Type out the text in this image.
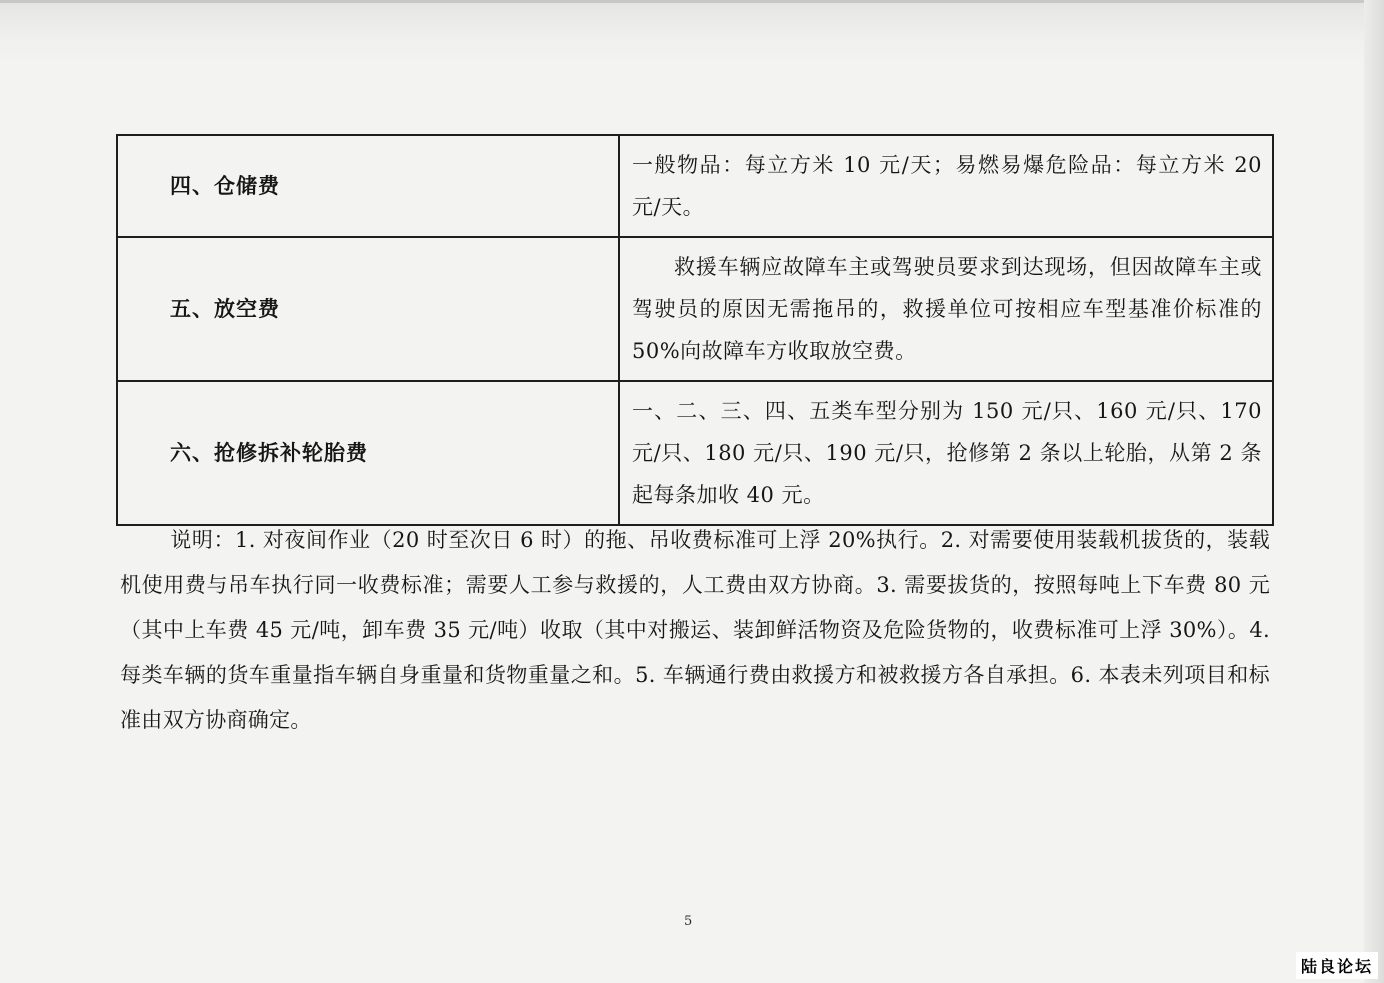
四、仓储费	一般物品：每立方米 10 元/天；易燃易爆危险品：每立方米 20 元/天。
五、放空费	救援车辆应故障车主或驾驶员要求到达现场，但因故障车主或驾驶员的原因无需拖吊的，救援单位可按相应车型基准价标准的 50%向故障车方收取放空费。
六、抢修拆补轮胎费	一、二、三、四、五类车型分别为 150 元/只、160 元/只、170 元/只、180 元/只、190 元/只，抢修第 2 条以上轮胎，从第 2 条起每条加收 40 元。
说明：1. 对夜间作业（20 时至次日 6 时）的拖、吊收费标准可上浮 20%执行。2. 对需要使用装载机拔货的，装载机使用费与吊车执行同一收费标准；需要人工参与救援的，人工费由双方协商。3. 需要拔货的，按照每吨上下车费 80 元（其中上车费 45 元/吨，卸车费 35 元/吨）收取（其中对搬运、装卸鲜活物资及危险货物的，收费标准可上浮 30%）。4. 每类车辆的货车重量指车辆自身重量和货物重量之和。5. 车辆通行费由救援方和被救援方各自承担。6. 本表未列项目和标准由双方协商确定。
5
陆良论坛
